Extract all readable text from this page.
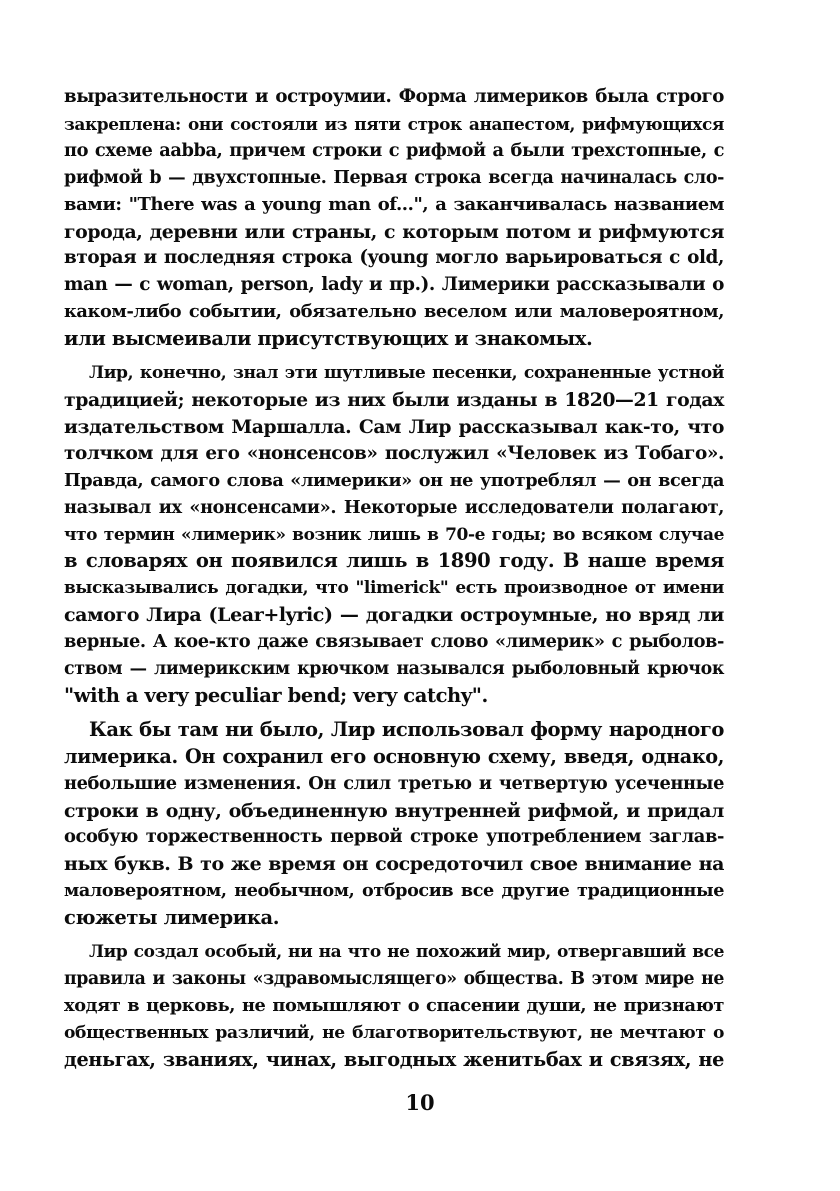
выразительности и остроумии. Форма лимериков была строго
закреплена: они состояли из пяти строк анапестом, рифмующихся
по схеме aabba, причем строки с рифмой a были трехстопные, с
рифмой b — двухстопные. Первая строка всегда начиналась сло-
вами: "There was a young man of...", а заканчивалась названием
города, деревни или страны, с которым потом и рифмуются
вторая и последняя строка (young могло варьироваться с old,
man — с woman, person, lady и пр.). Лимерики рассказывали о
каком-либо событии, обязательно веселом или маловероятном,
или высмеивали присутствующих и знакомых.
Лир, конечно, знал эти шутливые песенки, сохраненные устной
традицией; некоторые из них были изданы в 1820—21 годах
издательством Маршалла. Сам Лир рассказывал как-то, что
толчком для его «нонсенсов» послужил «Человек из Тобаго».
Правда, самого слова «лимерики» он не употреблял — он всегда
называл их «нонсенсами». Некоторые исследователи полагают,
что термин «лимерик» возник лишь в 70-е годы; во всяком случае
в словарях он появился лишь в 1890 году. В наше время
высказывались догадки, что "limerick" есть производное от имени
самого Лира (Lear+lyric) — догадки остроумные, но вряд ли
верные. А кое-кто даже связывает слово «лимерик» с рыболов-
ством — лимерикским крючком назывался рыболовный крючок
"with a very peculiar bend; very catchy".
Как бы там ни было, Лир использовал форму народного
лимерика. Он сохранил его основную схему, введя, однако,
небольшие изменения. Он слил третью и четвертую усеченные
строки в одну, объединенную внутренней рифмой, и придал
особую торжественность первой строке употреблением заглав-
ных букв. В то же время он сосредоточил свое внимание на
маловероятном, необычном, отбросив все другие традиционные
сюжеты лимерика.
Лир создал особый, ни на что не похожий мир, отвергавший все
правила и законы «здравомыслящего» общества. В этом мире не
ходят в церковь, не помышляют о спасении души, не признают
общественных различий, не благотворительствуют, не мечтают о
деньгах, званиях, чинах, выгодных женитьбах и связях, не
10
